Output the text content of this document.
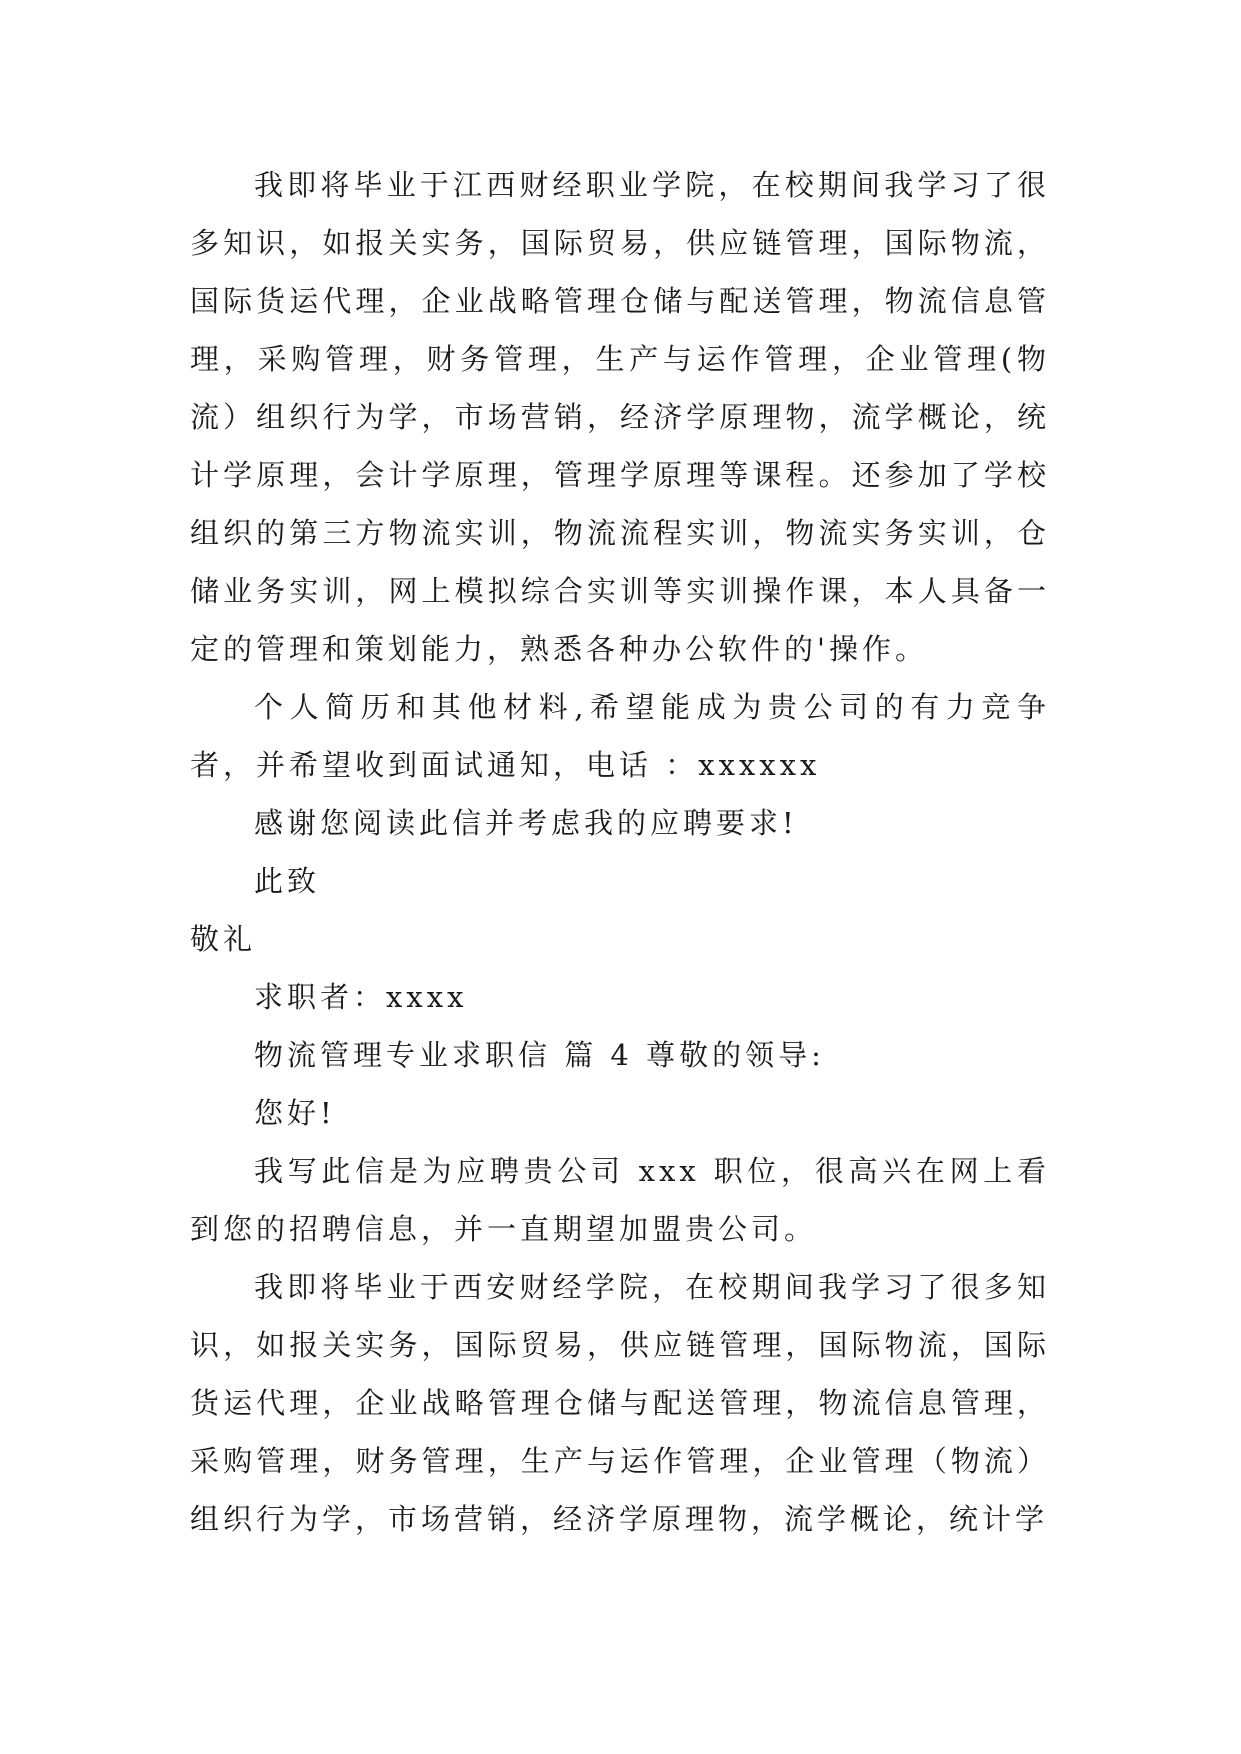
我即将毕业于江西财经职业学院，在校期间我学习了很多知识，如报关实务，国际贸易，供应链管理，国际物流，国际货运代理，企业战略管理仓储与配送管理，物流信息管理，采购管理，财务管理，生产与运作管理，企业管理(物流）组织行为学，市场营销，经济学原理物，流学概论，统计学原理，会计学原理，管理学原理等课程。还参加了学校组织的第三方物流实训，物流流程实训，物流实务实训，仓储业务实训，网上模拟综合实训等实训操作课，本人具备一定的管理和策划能力，熟悉各种办公软件的'操作。

个人简历和其他材料,希望能成为贵公司的有力竞争者，并希望收到面试通知，电话 ：xxxxxx

感谢您阅读此信并考虑我的应聘要求!

此致

敬礼

求职者：xxxx

物流管理专业求职信 篇 4 尊敬的领导:

您好!

我写此信是为应聘贵公司 xxx 职位，很高兴在网上看到您的招聘信息，并一直期望加盟贵公司。

我即将毕业于西安财经学院，在校期间我学习了很多知识，如报关实务，国际贸易，供应链管理，国际物流，国际货运代理，企业战略管理仓储与配送管理，物流信息管理，采购管理，财务管理，生产与运作管理，企业管理（物流）组织行为学，市场营销，经济学原理物，流学概论，统计学
